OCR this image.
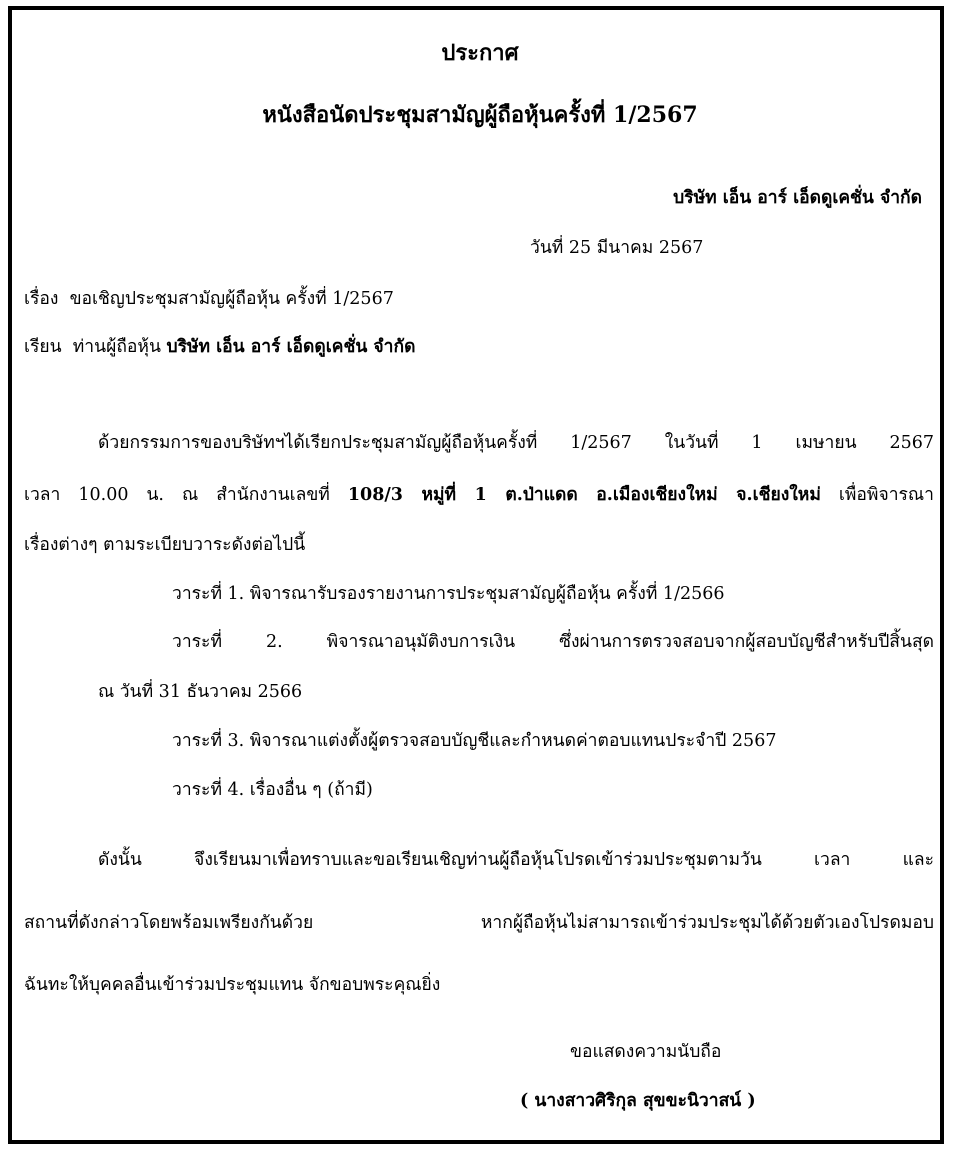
ประกาศ
หนังสือนัดประชุมสามัญผู้ถือหุ้นครั้งที่ 1/2567
บริษัท เอ็น อาร์ เอ็ดดูเคชั่น จำกัด
วันที่ 25 มีนาคม 2567
เรื่อง ขอเชิญประชุมสามัญผู้ถือหุ้น ครั้งที่ 1/2567
เรียน ท่านผู้ถือหุ้น บริษัท เอ็น อาร์ เอ็ดดูเคชั่น จำกัด
ด้วยกรรมการของบริษัทฯได้เรียกประชุมสามัญผู้ถือหุ้นครั้งที่ 1/2567 ในวันที่ 1 เมษายน 2567
เวลา 10.00 น. ณ สำนักงานเลขที่ 108/3 หมู่ที่ 1 ต.ป่าแดด อ.เมืองเชียงใหม่ จ.เชียงใหม่ เพื่อพิจารณา
เรื่องต่างๆ ตามระเบียบวาระดังต่อไปนี้
วาระที่ 1. พิจารณารับรองรายงานการประชุมสามัญผู้ถือหุ้น ครั้งที่ 1/2566
วาระที่ 2. พิจารณาอนุมัติงบการเงิน ซึ่งผ่านการตรวจสอบจากผู้สอบบัญชีสำหรับปีสิ้นสุด
ณ วันที่ 31 ธันวาคม 2566
วาระที่ 3. พิจารณาแต่งตั้งผู้ตรวจสอบบัญชีและกำหนดค่าตอบแทนประจำปี 2567
วาระที่ 4. เรื่องอื่น ๆ (ถ้ามี)
ดังนั้น จึงเรียนมาเพื่อทราบและขอเรียนเชิญท่านผู้ถือหุ้นโปรดเข้าร่วมประชุมตามวัน เวลา และ
สถานที่ดังกล่าวโดยพร้อมเพรียงกันด้วย หากผู้ถือหุ้นไม่สามารถเข้าร่วมประชุมได้ด้วยตัวเองโปรดมอบ
ฉันทะให้บุคคลอื่นเข้าร่วมประชุมแทน จักขอบพระคุณยิ่ง
ขอแสดงความนับถือ
( นางสาวศิริกุล สุขขะนิวาสน์ )
